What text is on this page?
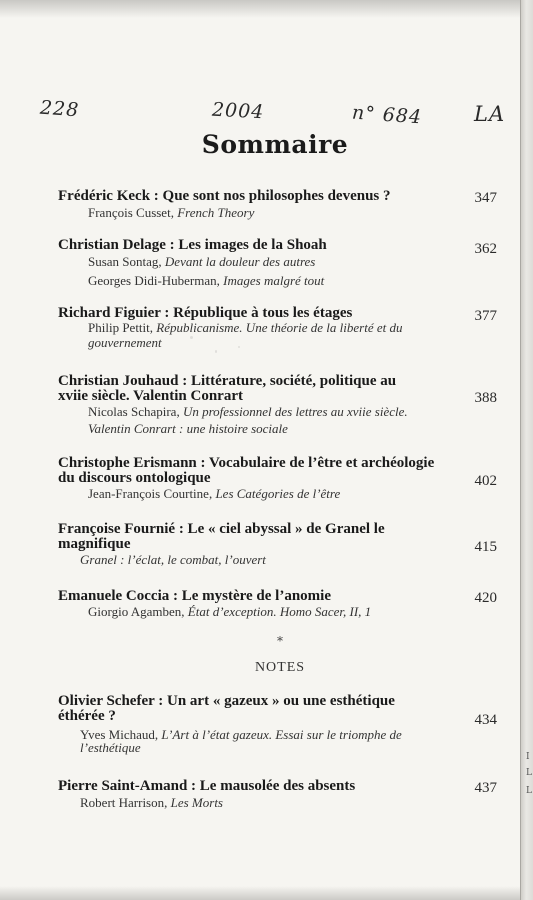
I
L
L
228	2004	n° 684 LA
Sommaire
Frédéric Keck : Que sont nos philosophes devenus ?	347
François Cusset, French Theory
Christian Delage : Les images de la Shoah	362
Susan Sontag, Devant la douleur des autres
Georges Didi-Huberman, Images malgré tout
Richard Figuier : République à tous les étages	377
Philip Pettit, Républicanisme. Une théorie de la liberté et du gouvernement
Christian Jouhaud : Littérature, société, politique au
xviie siècle. Valentin Conrart	388
Nicolas Schapira, Un professionnel des lettres au xviie siècle.
Valentin Conrart : une histoire sociale
Christophe Erismann : Vocabulaire de l’être et archéologie
du discours ontologique	402
Jean-François Courtine, Les Catégories de l’être
Françoise Fournié : Le « ciel abyssal » de Granel le
magnifique	415
Granel : l’éclat, le combat, l’ouvert
Emanuele Coccia : Le mystère de l’anomie	420
Giorgio Agamben, État d’exception. Homo Sacer, II, 1
*
NOTES
Olivier Schefer : Un art « gazeux » ou une esthétique
éthérée ?	434
Yves Michaud, L’Art à l’état gazeux. Essai sur le triomphe de
l’esthétique
Pierre Saint-Amand : Le mausolée des absents	437
Robert Harrison, Les Morts
